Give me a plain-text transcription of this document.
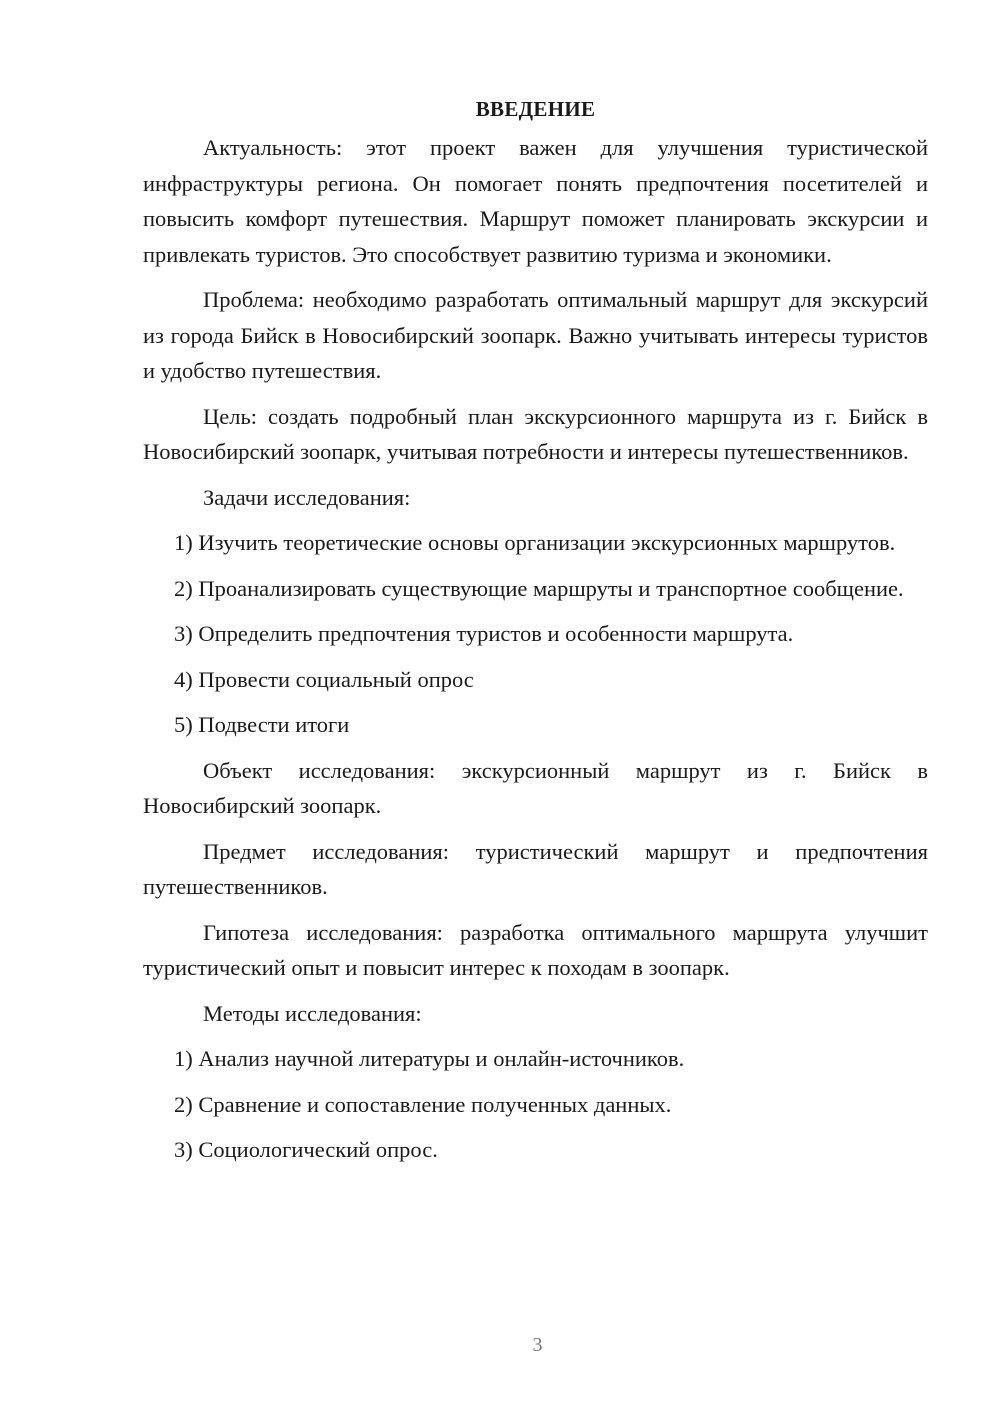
ВВЕДЕНИЕ

Актуальность: этот проект важен для улучшения туристической инфраструктуры региона. Он помогает понять предпочтения посетителей и повысить комфорт путешествия. Маршрут поможет планировать экскурсии и привлекать туристов. Это способствует развитию туризма и экономики.

Проблема: необходимо разработать оптимальный маршрут для экскурсий из города Бийск в Новосибирский зоопарк. Важно учитывать интересы туристов и удобство путешествия.

Цель: создать подробный план экскурсионного маршрута из г. Бийск в Новосибирский зоопарк, учитывая потребности и интересы путешественников.

Задачи исследования:

1) Изучить теоретические основы организации экскурсионных маршрутов.

2) Проанализировать существующие маршруты и транспортное сообщение.

3) Определить предпочтения туристов и особенности маршрута.

4) Провести социальный опрос

5) Подвести итоги

Объект исследования: экскурсионный маршрут из г. Бийск в Новосибирский зоопарк.

Предмет исследования: туристический маршрут и предпочтения путешественников.

Гипотеза исследования: разработка оптимального маршрута улучшит туристический опыт и повысит интерес к походам в зоопарк.

Методы исследования:

1) Анализ научной литературы и онлайн-источников.

2) Сравнение и сопоставление полученных данных.

3) Социологический опрос.

3
